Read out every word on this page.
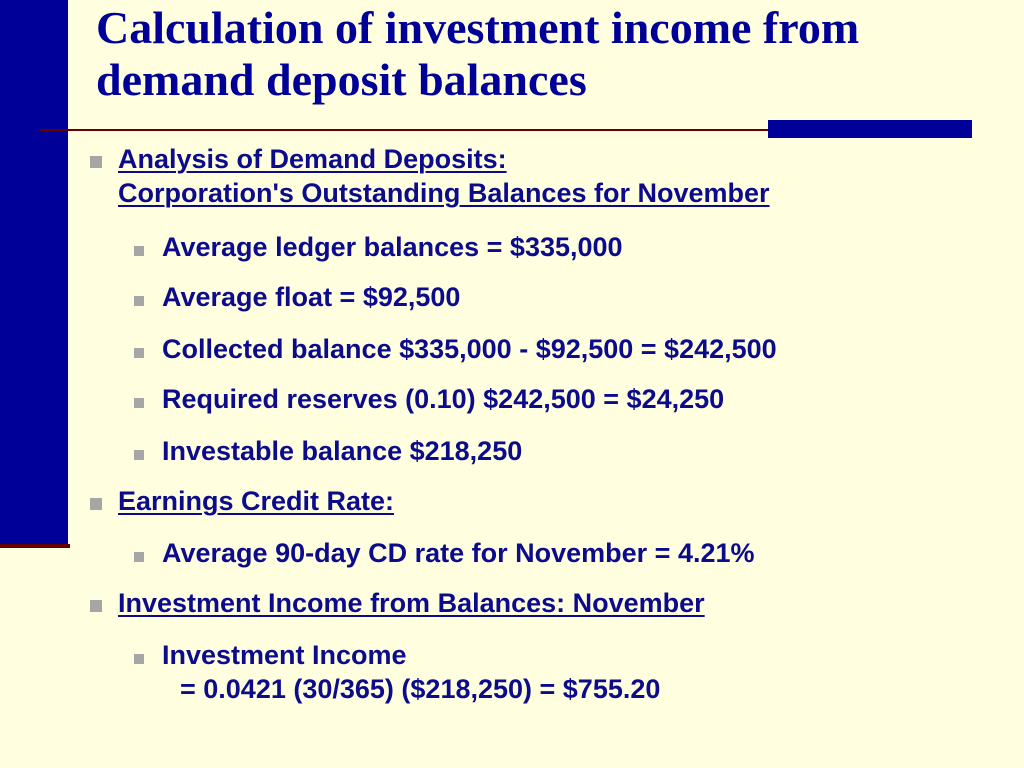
Calculation of investment income from demand deposit balances
Analysis of Demand Deposits:
Corporation's Outstanding Balances for November
Average ledger balances = $335,000
Average float = $92,500
Collected balance $335,000 - $92,500 = $242,500
Required reserves (0.10) $242,500 = $24,250
Investable balance $218,250
Earnings Credit Rate:
Average 90-day CD rate for November = 4.21%
Investment Income from Balances: November
Investment Income
= 0.0421 (30/365) ($218,250) = $755.20
